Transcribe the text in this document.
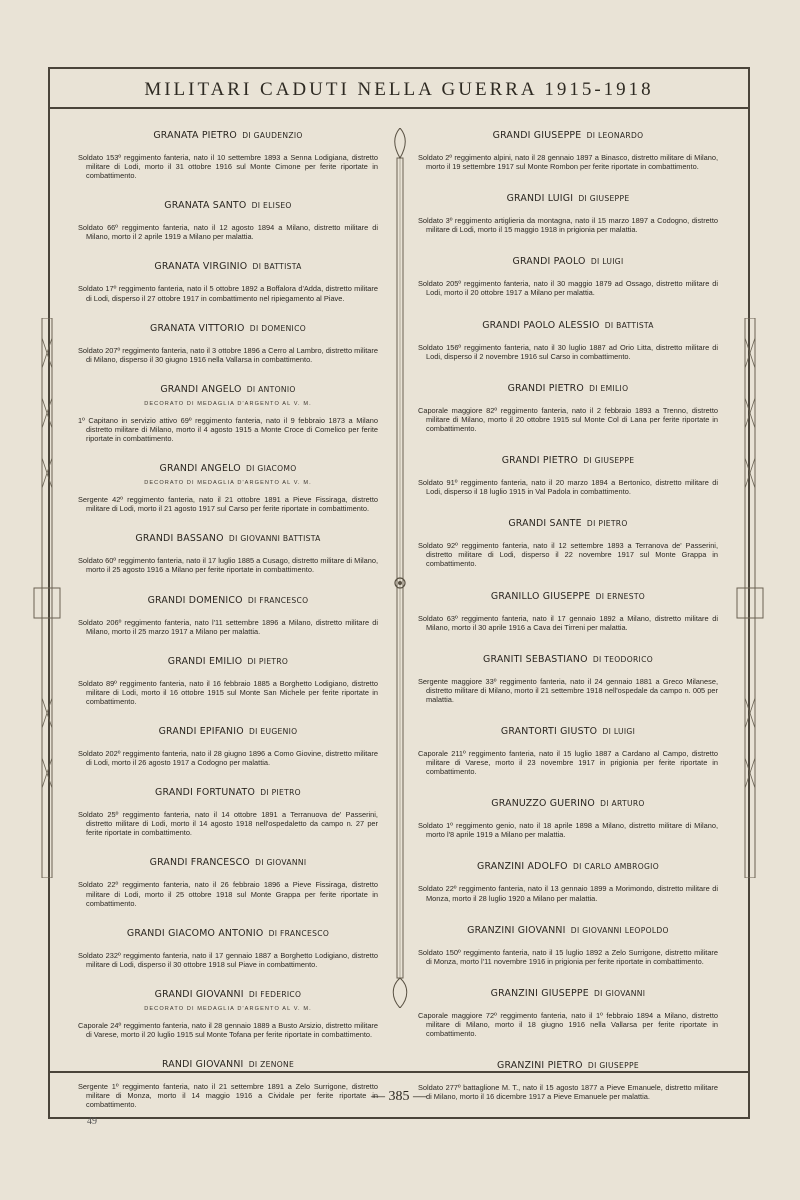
MILITARI CADUTI NELLA GUERRA 1915-1918
— 385 —
GRANATA PIETRO DI GAUDENZIO
Soldato 153º reggimento fanteria, nato il 10 settembre 1893 a Senna Lodigiana, distretto militare di Lodi, morto il 31 ottobre 1916 sul Monte Cimone per ferite riportate in combattimento.
GRANATA SANTO DI ELISEO
Soldato 66º reggimento fanteria, nato il 12 agosto 1894 a Milano, distretto militare di Milano, morto il 2 aprile 1919 a Milano per malattia.
GRANATA VIRGINIO DI BATTISTA
Soldato 17º reggimento fanteria, nato il 5 ottobre 1892 a Boffalora d'Adda, distretto militare di Lodi, disperso il 27 ottobre 1917 in combattimento nel ripiegamento al Piave.
GRANATA VITTORIO DI DOMENICO
Soldato 207º reggimento fanteria, nato il 3 ottobre 1896 a Cerro al Lambro, distretto militare di Milano, disperso il 30 giugno 1916 nella Vallarsa in combattimento.
GRANDI ANGELO DI ANTONIO
DECORATO DI MEDAGLIA D'ARGENTO AL V. M.
1º Capitano in servizio attivo 69º reggimento fanteria, nato il 9 febbraio 1873 a Milano distretto militare di Milano, morto il 4 agosto 1915 a Monte Croce di Comelico per ferite riportate in combattimento.
GRANDI ANGELO DI GIACOMO
DECORATO DI MEDAGLIA D'ARGENTO AL V. M.
Sergente 42º reggimento fanteria, nato il 21 ottobre 1891 a Pieve Fissiraga, distretto militare di Lodi, morto il 21 agosto 1917 sul Carso per ferite riportate in combattimento.
GRANDI BASSANO DI GIOVANNI BATTISTA
Soldato 60º reggimento fanteria, nato il 17 luglio 1885 a Cusago, distretto militare di Milano, morto il 25 agosto 1916 a Milano per ferite riportate in combattimento.
GRANDI DOMENICO DI FRANCESCO
Soldato 206º reggimento fanteria, nato l'11 settembre 1896 a Milano, distretto militare di Milano, morto il 25 marzo 1917 a Milano per malattia.
GRANDI EMILIO DI PIETRO
Soldato 89º reggimento fanteria, nato il 16 febbraio 1885 a Borghetto Lodigiano, distretto militare di Lodi, morto il 16 ottobre 1915 sul Monte San Michele per ferite riportate in combattimento.
GRANDI EPIFANIO DI EUGENIO
Soldato 202º reggimento fanteria, nato il 28 giugno 1896 a Como Giovine, distretto militare di Lodi, morto il 26 agosto 1917 a Codogno per malattia.
GRANDI FORTUNATO DI PIETRO
Soldato 25º reggimento fanteria, nato il 14 ottobre 1891 a Terranuova de' Passerini, distretto militare di Lodi, morto il 14 agosto 1918 nell'ospedaletto da campo n. 27 per ferite riportate in combattimento.
GRANDI FRANCESCO DI GIOVANNI
Soldato 22º reggimento fanteria, nato il 26 febbraio 1896 a Pieve Fissiraga, distretto militare di Lodi, morto il 25 ottobre 1918 sul Monte Grappa per ferite riportate in combattimento.
GRANDI GIACOMO ANTONIO DI FRANCESCO
Soldato 232º reggimento fanteria, nato il 17 gennaio 1887 a Borghetto Lodigiano, distretto militare di Lodi, disperso il 30 ottobre 1918 sul Piave in combattimento.
GRANDI GIOVANNI DI FEDERICO
DECORATO DI MEDAGLIA D'ARGENTO AL V. M.
Caporale 24º reggimento fanteria, nato il 28 gennaio 1889 a Busto Arsizio, distretto militare di Varese, morto il 20 luglio 1915 sul Monte Tofana per ferite riportate in combattimento.
RANDI GIOVANNI DI ZENONE
Sergente 1º reggimento fanteria, nato il 21 settembre 1891 a Zelo Surrigone, distretto militare di Monza, morto il 14 maggio 1916 a Cividale per ferite riportate in combattimento.
GRANDI GIUSEPPE DI LEONARDO
Soldato 2º reggimento alpini, nato il 28 gennaio 1897 a Binasco, distretto militare di Milano, morto il 19 settembre 1917 sul Monte Rombon per ferite riportate in combattimento.
GRANDI LUIGI DI GIUSEPPE
Soldato 3º reggimento artiglieria da montagna, nato il 15 marzo 1897 a Codogno, distretto militare di Lodi, morto il 15 maggio 1918 in prigionia per malattia.
GRANDI PAOLO DI LUIGI
Soldato 205º reggimento fanteria, nato il 30 maggio 1879 ad Ossago, distretto militare di Lodi, morto il 20 ottobre 1917 a Milano per malattia.
GRANDI PAOLO ALESSIO DI BATTISTA
Soldato 156º reggimento fanteria, nato il 30 luglio 1887 ad Orio Litta, distretto militare di Lodi, disperso il 2 novembre 1916 sul Carso in combattimento.
GRANDI PIETRO DI EMILIO
Caporale maggiore 82º reggimento fanteria, nato il 2 febbraio 1893 a Trenno, distretto militare di Milano, morto il 20 ottobre 1915 sul Monte Col di Lana per ferite riportate in combattimento.
GRANDI PIETRO DI GIUSEPPE
Soldato 91º reggimento fanteria, nato il 20 marzo 1894 a Bertonico, distretto militare di Lodi, disperso il 18 luglio 1915 in Val Padola in combattimento.
GRANDI SANTE DI PIETRO
Soldato 92º reggimento fanteria, nato il 12 settembre 1893 a Terranova de' Passerini, distretto militare di Lodi, disperso il 22 novembre 1917 sul Monte Grappa in combattimento.
GRANILLO GIUSEPPE DI ERNESTO
Soldato 63º reggimento fanteria, nato il 17 gennaio 1892 a Milano, distretto militare di Milano, morto il 30 aprile 1916 a Cava dei Tirreni per malattia.
GRANITI SEBASTIANO DI TEODORICO
Sergente maggiore 33º reggimento fanteria, nato il 24 gennaio 1881 a Greco Milanese, distretto militare di Milano, morto il 21 settembre 1918 nell'ospedale da campo n. 005 per malattia.
GRANTORTI GIUSTO DI LUIGI
Caporale 211º reggimento fanteria, nato il 15 luglio 1887 a Cardano al Campo, distretto militare di Varese, morto il 23 novembre 1917 in prigionia per ferite riportate in combattimento.
GRANUZZO GUERINO DI ARTURO
Soldato 1º reggimento genio, nato il 18 aprile 1898 a Milano, distretto militare di Milano, morto l'8 aprile 1919 a Milano per malattia.
GRANZINI ADOLFO DI CARLO AMBROGIO
Soldato 22º reggimento fanteria, nato il 13 gennaio 1899 a Morimondo, distretto militare di Monza, morto il 28 luglio 1920 a Milano per malattia.
GRANZINI GIOVANNI DI GIOVANNI LEOPOLDO
Soldato 150º reggimento fanteria, nato il 15 luglio 1892 a Zelo Surrigone, distretto militare di Monza, morto l'11 novembre 1916 in prigionia per ferite riportate in combattimento.
GRANZINI GIUSEPPE DI GIOVANNI
Caporale maggiore 72º reggimento fanteria, nato il 1º febbraio 1894 a Milano, distretto militare di Milano, morto il 18 giugno 1916 nella Vallarsa per ferite riportate in combattimento.
GRANZINI PIETRO DI GIUSEPPE
Soldato 277º battaglione M. T., nato il 15 agosto 1877 a Pieve Emanuele, distretto militare di Milano, morto il 16 dicembre 1917 a Pieve Emanuele per malattia.
49
